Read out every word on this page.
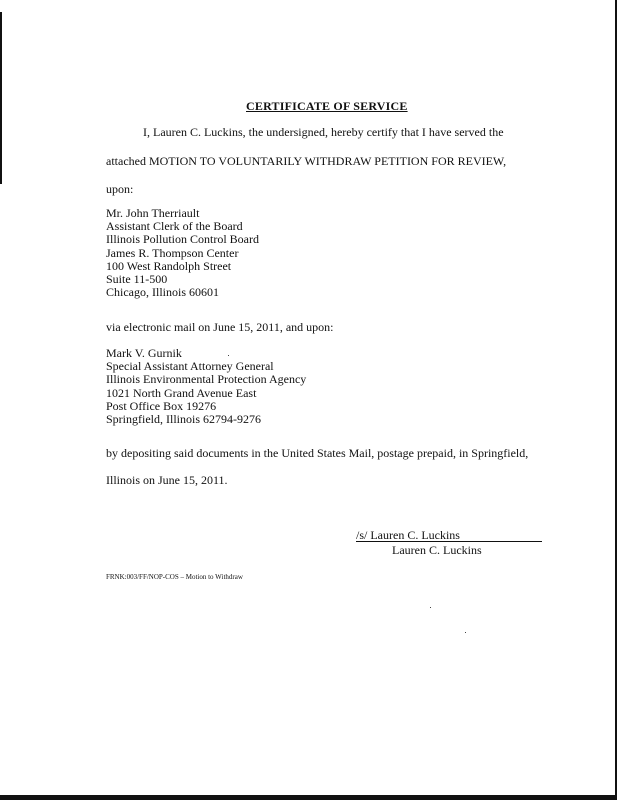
CERTIFICATE OF SERVICE
I, Lauren C. Luckins, the undersigned, hereby certify that I have served the
attached MOTION TO VOLUNTARILY WITHDRAW PETITION FOR REVIEW,
upon:
Mr. John Therriault
Assistant Clerk of the Board
Illinois Pollution Control Board
James R. Thompson Center
100 West Randolph Street
Suite 11-500
Chicago, Illinois 60601
via electronic mail on June 15, 2011, and upon:
Mark V. Gurnik
Special Assistant Attorney General
Illinois Environmental Protection Agency
1021 North Grand Avenue East
Post Office Box 19276
Springfield, Illinois 62794-9276
by depositing said documents in the United States Mail, postage prepaid, in Springfield,
Illinois on June 15, 2011.
/s/ Lauren C. Luckins
Lauren C. Luckins
FRNK:003/FF/NOP-COS – Motion to Withdraw
